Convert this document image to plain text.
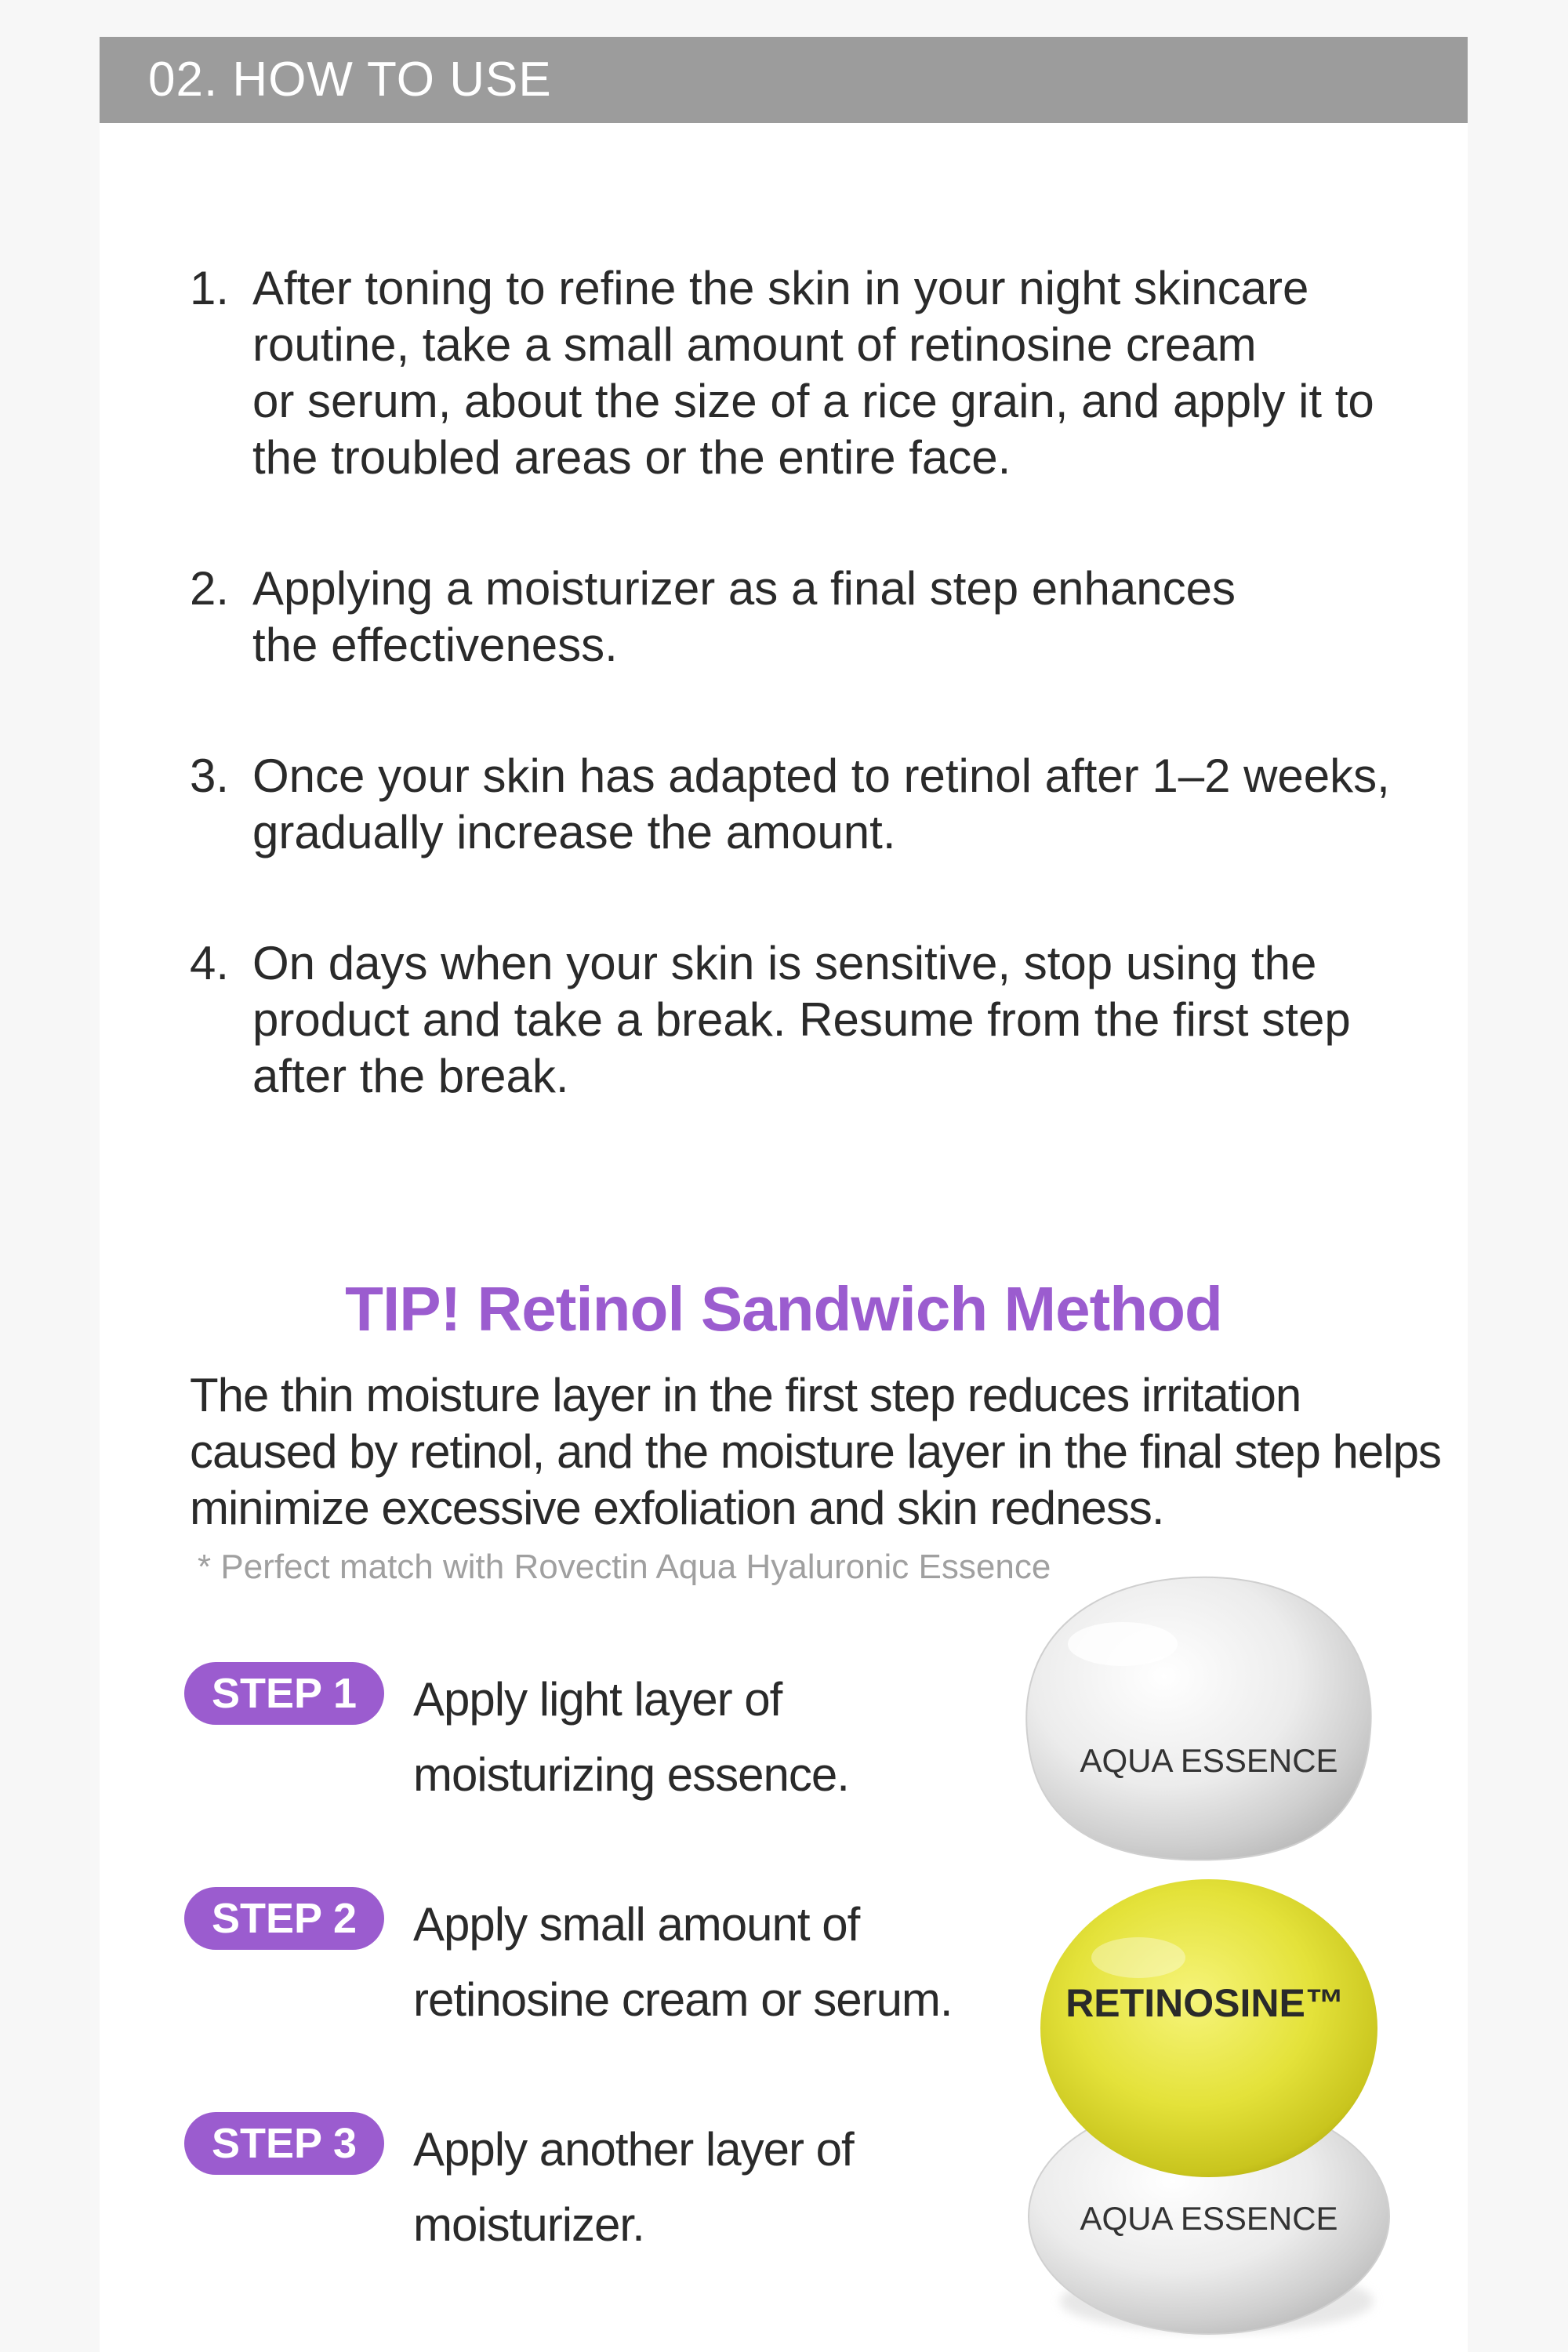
02. HOW TO USE
1. After toning to refine the skin in your night skincare
routine, take a small amount of retinosine cream
or serum, about the size of a rice grain, and apply it to
the troubled areas or the entire face.
2. Applying a moisturizer as a final step enhances
the effectiveness.
3. Once your skin has adapted to retinol after 1–2 weeks,
gradually increase the amount.
4. On days when your skin is sensitive, stop using the
product and take a break. Resume from the first step
after the break.
TIP! Retinol Sandwich Method
The thin moisture layer in the first step reduces irritation
caused by retinol, and the moisture layer in the final step helps
minimize excessive exfoliation and skin redness.
* Perfect match with Rovectin Aqua Hyaluronic Essence
STEP 1	Apply light layer of
moisturizing essence.
STEP 2	Apply small amount of
retinosine cream or serum.
STEP 3	Apply another layer of
moisturizer.
AQUA ESSENCE
RETINOSINE™
AQUA ESSENCE
